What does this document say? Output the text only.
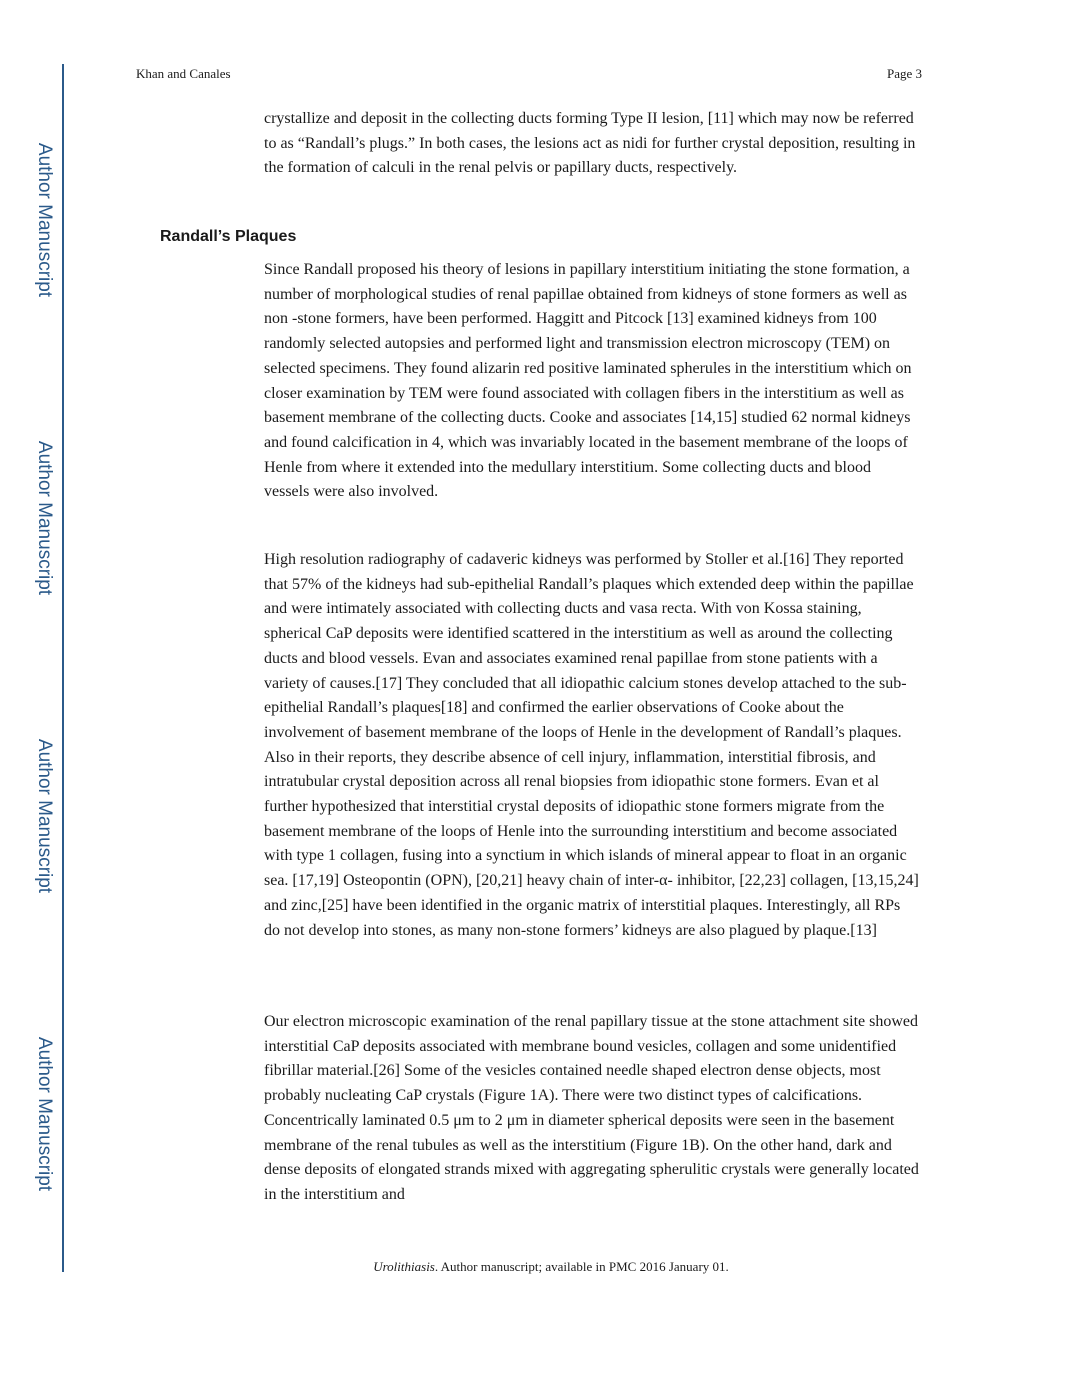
Author Manuscript
Author Manuscript
Author Manuscript
Author Manuscript
Khan and Canales	Page 3

crystallize and deposit in the collecting ducts forming Type II lesion, [11] which may now be referred to as “Randall’s plugs.” In both cases, the lesions act as nidi for further crystal deposition, resulting in the formation of calculi in the renal pelvis or papillary ducts, respectively.

Randall’s Plaques

Since Randall proposed his theory of lesions in papillary interstitium initiating the stone formation, a number of morphological studies of renal papillae obtained from kidneys of stone formers as well as non -stone formers, have been performed. Haggitt and Pitcock [13] examined kidneys from 100 randomly selected autopsies and performed light and transmission electron microscopy (TEM) on selected specimens. They found alizarin red positive laminated spherules in the interstitium which on closer examination by TEM were found associated with collagen fibers in the interstitium as well as basement membrane of the collecting ducts. Cooke and associates [14,15] studied 62 normal kidneys and found calcification in 4, which was invariably located in the basement membrane of the loops of Henle from where it extended into the medullary interstitium. Some collecting ducts and blood vessels were also involved.

High resolution radiography of cadaveric kidneys was performed by Stoller et al.[16] They reported that 57% of the kidneys had sub-epithelial Randall’s plaques which extended deep within the papillae and were intimately associated with collecting ducts and vasa recta. With von Kossa staining, spherical CaP deposits were identified scattered in the interstitium as well as around the collecting ducts and blood vessels. Evan and associates examined renal papillae from stone patients with a variety of causes.[17] They concluded that all idiopathic calcium stones develop attached to the sub-epithelial Randall’s plaques[18] and confirmed the earlier observations of Cooke about the involvement of basement membrane of the loops of Henle in the development of Randall’s plaques. Also in their reports, they describe absence of cell injury, inflammation, interstitial fibrosis, and intratubular crystal deposition across all renal biopsies from idiopathic stone formers. Evan et al further hypothesized that interstitial crystal deposits of idiopathic stone formers migrate from the basement membrane of the loops of Henle into the surrounding interstitium and become associated with type 1 collagen, fusing into a synctium in which islands of mineral appear to float in an organic sea. [17,19] Osteopontin (OPN), [20,21] heavy chain of inter-α- inhibitor, [22,23] collagen, [13,15,24] and zinc,[25] have been identified in the organic matrix of interstitial plaques. Interestingly, all RPs do not develop into stones, as many non-stone formers’ kidneys are also plagued by plaque.[13]

Our electron microscopic examination of the renal papillary tissue at the stone attachment site showed interstitial CaP deposits associated with membrane bound vesicles, collagen and some unidentified fibrillar material.[26] Some of the vesicles contained needle shaped electron dense objects, most probably nucleating CaP crystals (Figure 1A). There were two distinct types of calcifications. Concentrically laminated 0.5 μm to 2 μm in diameter spherical deposits were seen in the basement membrane of the renal tubules as well as the interstitium (Figure 1B). On the other hand, dark and dense deposits of elongated strands mixed with aggregating spherulitic crystals were generally located in the interstitium and

Urolithiasis. Author manuscript; available in PMC 2016 January 01.
